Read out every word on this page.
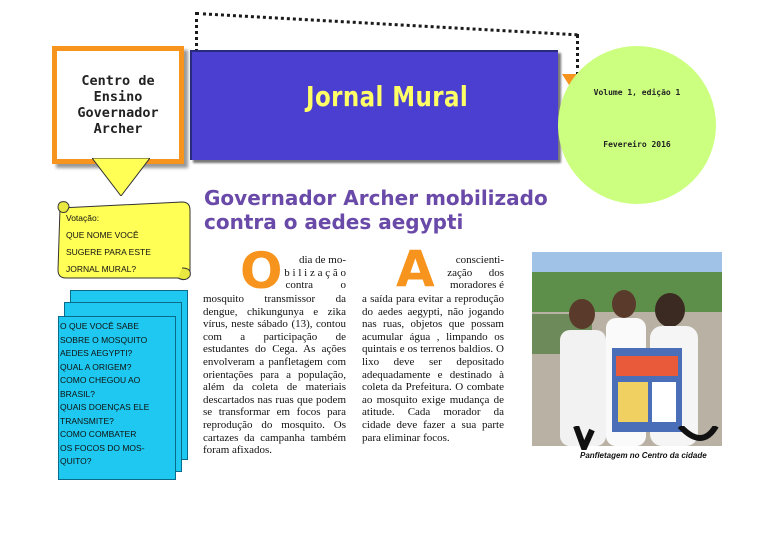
Centro de
Ensino
Governador
Archer
Jornal Mural	Volume 1, edição 1
Fevereiro 2016
Governador Archer mobilizado
contra o aedes aegypti
Votação:
QUE NOME VOCÊ
SUGERE PARA ESTE
JORNAL MURAL?
O QUE VOCÊ SABE
SOBRE O MOSQUITO
AEDES AEGYPTI?
QUAL A ORIGEM?
COMO CHEGOU AO
BRASIL?
QUAIS DOENÇAS ELE
TRANSMITE?
COMO COMBATER
OS FOCOS DO MOS-
QUITO?
O	dia de mo-
b i l i z a ç ã o
contra          o
mosquito transmissor da dengue, chikungunya e zika vírus, neste sábado (13), contou com a participação de estudantes do Cega. As ações envolveram a panfletagem com orientações para a população, além da coleta de materiais descartados nas ruas que podem se transformar em focos para reprodução do mosquito. Os cartazes da campanha também foram afixados.
A	conscienti-
zação      dos
moradores é
a saída para evitar a reprodução do aedes aegypti, não jogando nas ruas, objetos que possam acumular água , limpando os quintais e os terrenos baldios. O lixo deve ser depositado adequadamente e destinado à coleta da Prefeitura. O combate ao mosquito exige mudança de atitude. Cada morador da cidade deve fazer a sua parte para eliminar focos.
Panfletagem no Centro da cidade
